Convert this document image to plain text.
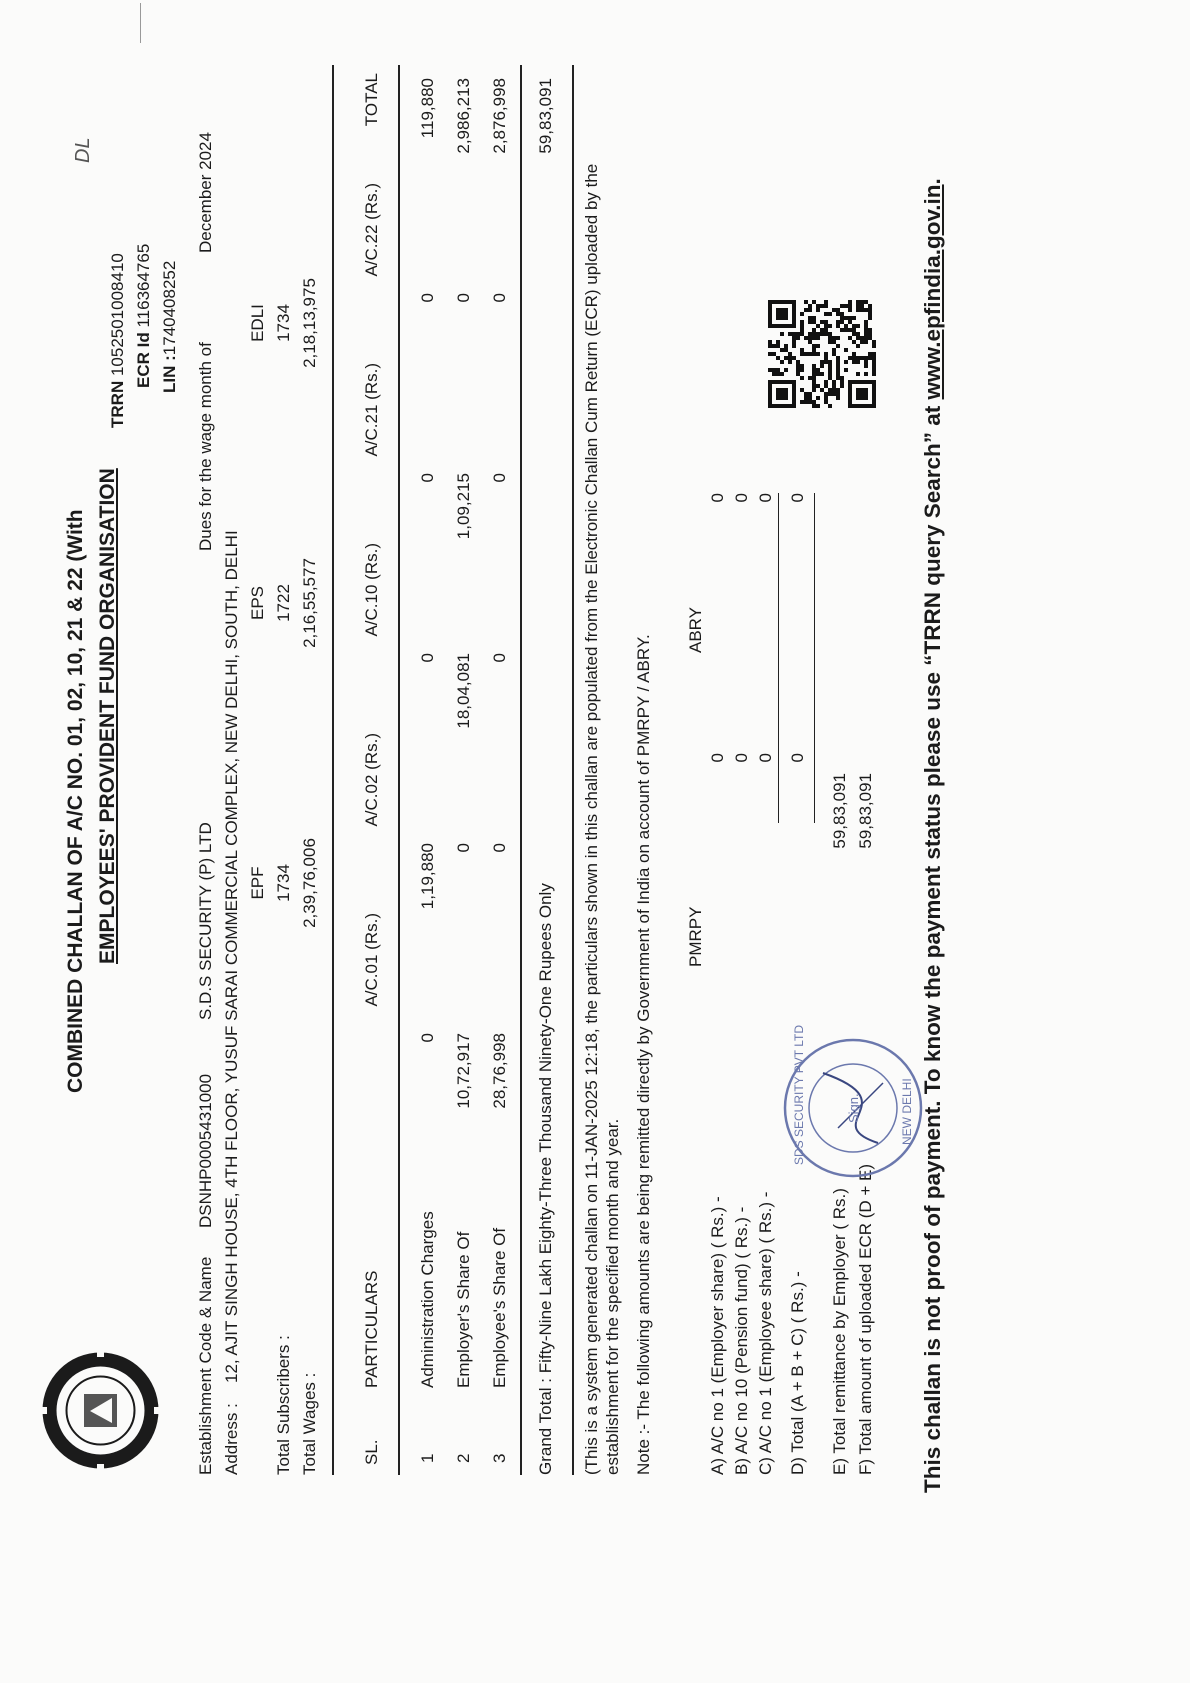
COMBINED CHALLAN OF A/C NO. 01, 02, 10, 21 & 22 (With EMPLOYEES' PROVIDENT FUND ORGANISATION
DL
TRRN 1052501008410 ECR Id 116364765
LIN :1740408252
Dues for the wage month of
December 2024
Establishment Code & Name
DSNHP0005431000
S.D.S SECURITY (P) LTD
Address :
12, AJIT SINGH HOUSE, 4TH FLOOR, YUSUF SARAI COMMERCIAL COMPLEX, NEW DELHI, SOUTH, DELHI EPF
EPS
EDLI
Total Subscribers :
1734
1722
1734
Total Wages :
2,39,76,006
2,16,55,577
2,18,13,975
SL.
PARTICULARS
A/C.01 (Rs.)
A/C.02 (Rs.)
A/C.10 (Rs.)
A/C.21 (Rs.)
A/C.22 (Rs.)
TOTAL
1
Administration Charges
0
1,19,880
0
0
0
119,880
2
Employer's Share Of
10,72,917
0
18,04,081
1,09,215
0
2,986,213
3
Employee's Share Of
28,76,998
0
0
0
0
2,876,998
Grand Total : Fifty-Nine Lakh Eighty-Three Thousand Ninety-One Rupees Only
59,83,091
(This is a system generated challan on 11-JAN-2025 12:18, the particulars shown in this challan are populated from the Electronic Challan Cum Return (ECR) uploaded by the establishment for the specified month and year. Note :- The following amounts are being remitted directly by Government of India on account of PMRPY / ABRY. PMRPY
ABRY
A) A/C no 1 (Employer share) ( Rs.) -
0
0
B) A/C no 10 (Pension fund) ( Rs.) -
0
0
C) A/C no 1 (Employee share) ( Rs.) -
0
0
D) Total (A + B + C) ( Rs.) -
0
0
E) Total remittance by Employer ( Rs.)
59,83,091
F) Total amount of uploaded ECR (D + E)
59,83,091
SDS SECURITY PVT LTD	Sign.	NEW DELHI This challan is not proof of payment. To know the payment status please use “TRRN query Search” at www.epfindia.gov.in.
